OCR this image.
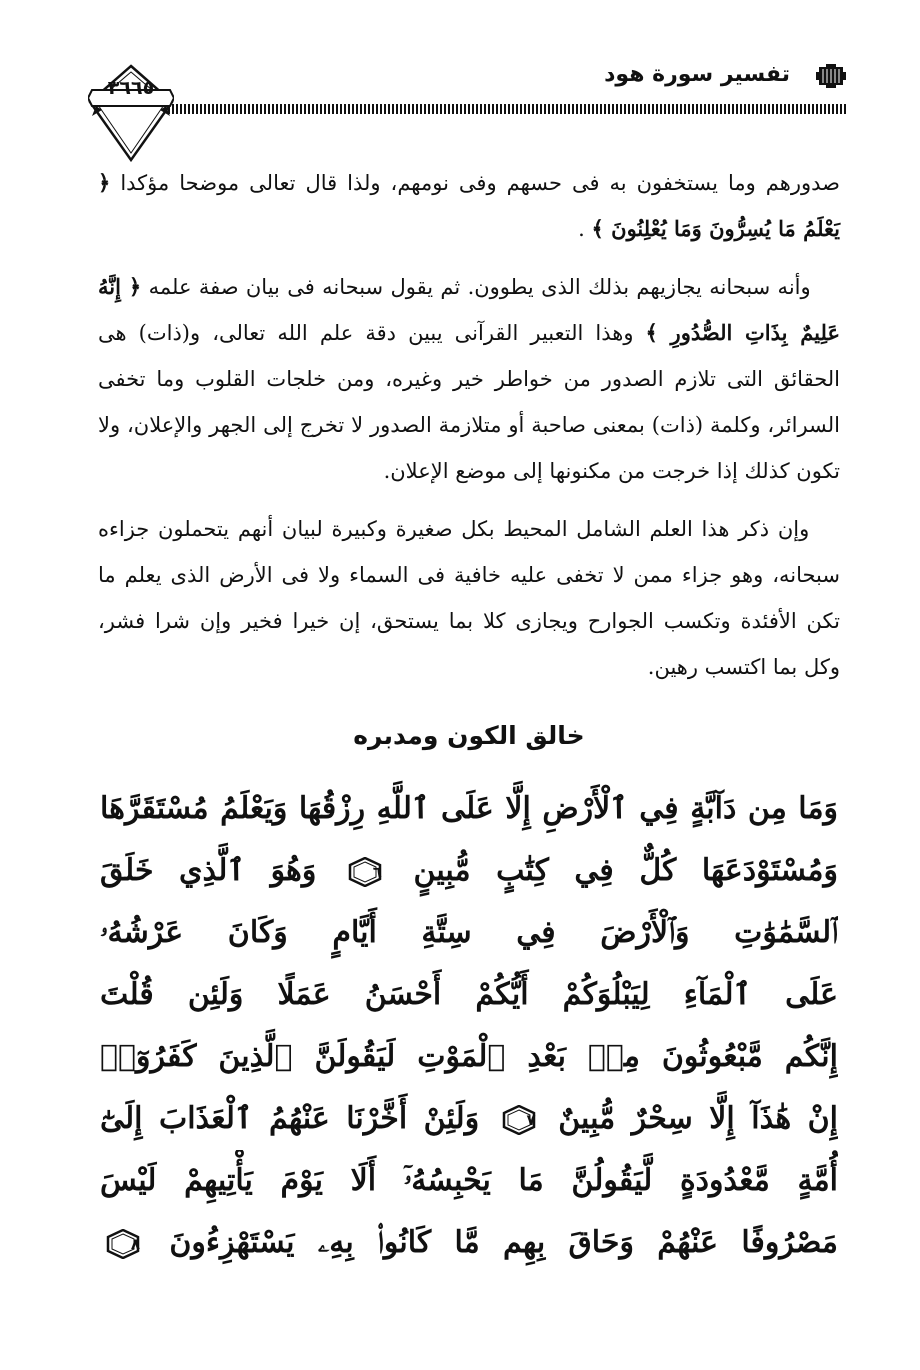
تفسير سورة هود
٣٦٦٥

صدورهم وما يستخفون به فى حسهم وفى نومهم، ولذا قال تعالى موضحا مؤكدا ﴿ يَعْلَمُ مَا يُسِرُّونَ وَمَا يُعْلِنُونَ ﴾ .

وأنه سبحانه يجازيهم بذلك الذى يطوون. ثم يقول سبحانه فى بيان صفة علمه ﴿ إِنَّهُ عَلِيمٌ بِذَاتِ الصُّدُورِ ﴾ وهذا التعبير القرآنى يبين دقة علم الله تعالى، و(ذات) هى الحقائق التى تلازم الصدور من خواطر خير وغيره، ومن خلجات القلوب وما تخفى السرائر، وكلمة (ذات) بمعنى صاحبة أو متلازمة الصدور لا تخرج إلى الجهر والإعلان، ولا تكون كذلك إذا خرجت من مكنونها إلى موضع الإعلان.

وإن ذكر هذا العلم الشامل المحيط بكل صغيرة وكبيرة لبيان أنهم يتحملون جزاءه سبحانه، وهو جزاء ممن لا تخفى عليه خافية فى السماء ولا فى الأرض الذى يعلم ما تكن الأفئدة وتكسب الجوارح ويجازى كلا بما يستحق، إن خيرا فخير وإن شرا فشر، وكل بما اكتسب رهين.

خالق الكون ومدبره
وَمَا مِن دَآبَّةٍ فِي ٱلْأَرْضِ إِلَّا عَلَى ٱللَّهِ رِزْقُهَا وَيَعْلَمُ مُسْتَقَرَّهَا
وَمُسْتَوْدَعَهَا كُلٌّ فِي كِتَٰبٍ مُّبِينٍ
٦
وَهُوَ ٱلَّذِي خَلَقَ
ٱلسَّمَٰوَٰتِ وَٱلْأَرْضَ فِي سِتَّةِ أَيَّامٍ وَكَانَ عَرْشُهُۥ
عَلَى ٱلْمَآءِ لِيَبْلُوَكُمْ أَيُّكُمْ أَحْسَنُ عَمَلًا وَلَئِن قُلْتَ
إِنَّكُم مَّبْعُوثُونَ مِنۢ بَعْدِ ٱلْمَوْتِ لَيَقُولَنَّ ٱلَّذِينَ كَفَرُوٓا۟
إِنْ هَٰذَآ إِلَّا سِحْرٌ مُّبِينٌ
٧
وَلَئِنْ أَخَّرْنَا عَنْهُمُ ٱلْعَذَابَ إِلَىٰٓ
أُمَّةٍ مَّعْدُودَةٍ لَّيَقُولُنَّ مَا يَحْبِسُهُۥٓ أَلَا يَوْمَ يَأْتِيهِمْ لَيْسَ
مَصْرُوفًا عَنْهُمْ وَحَاقَ بِهِم مَّا كَانُوا۟ بِهِۦ يَسْتَهْزِءُونَ
٨
